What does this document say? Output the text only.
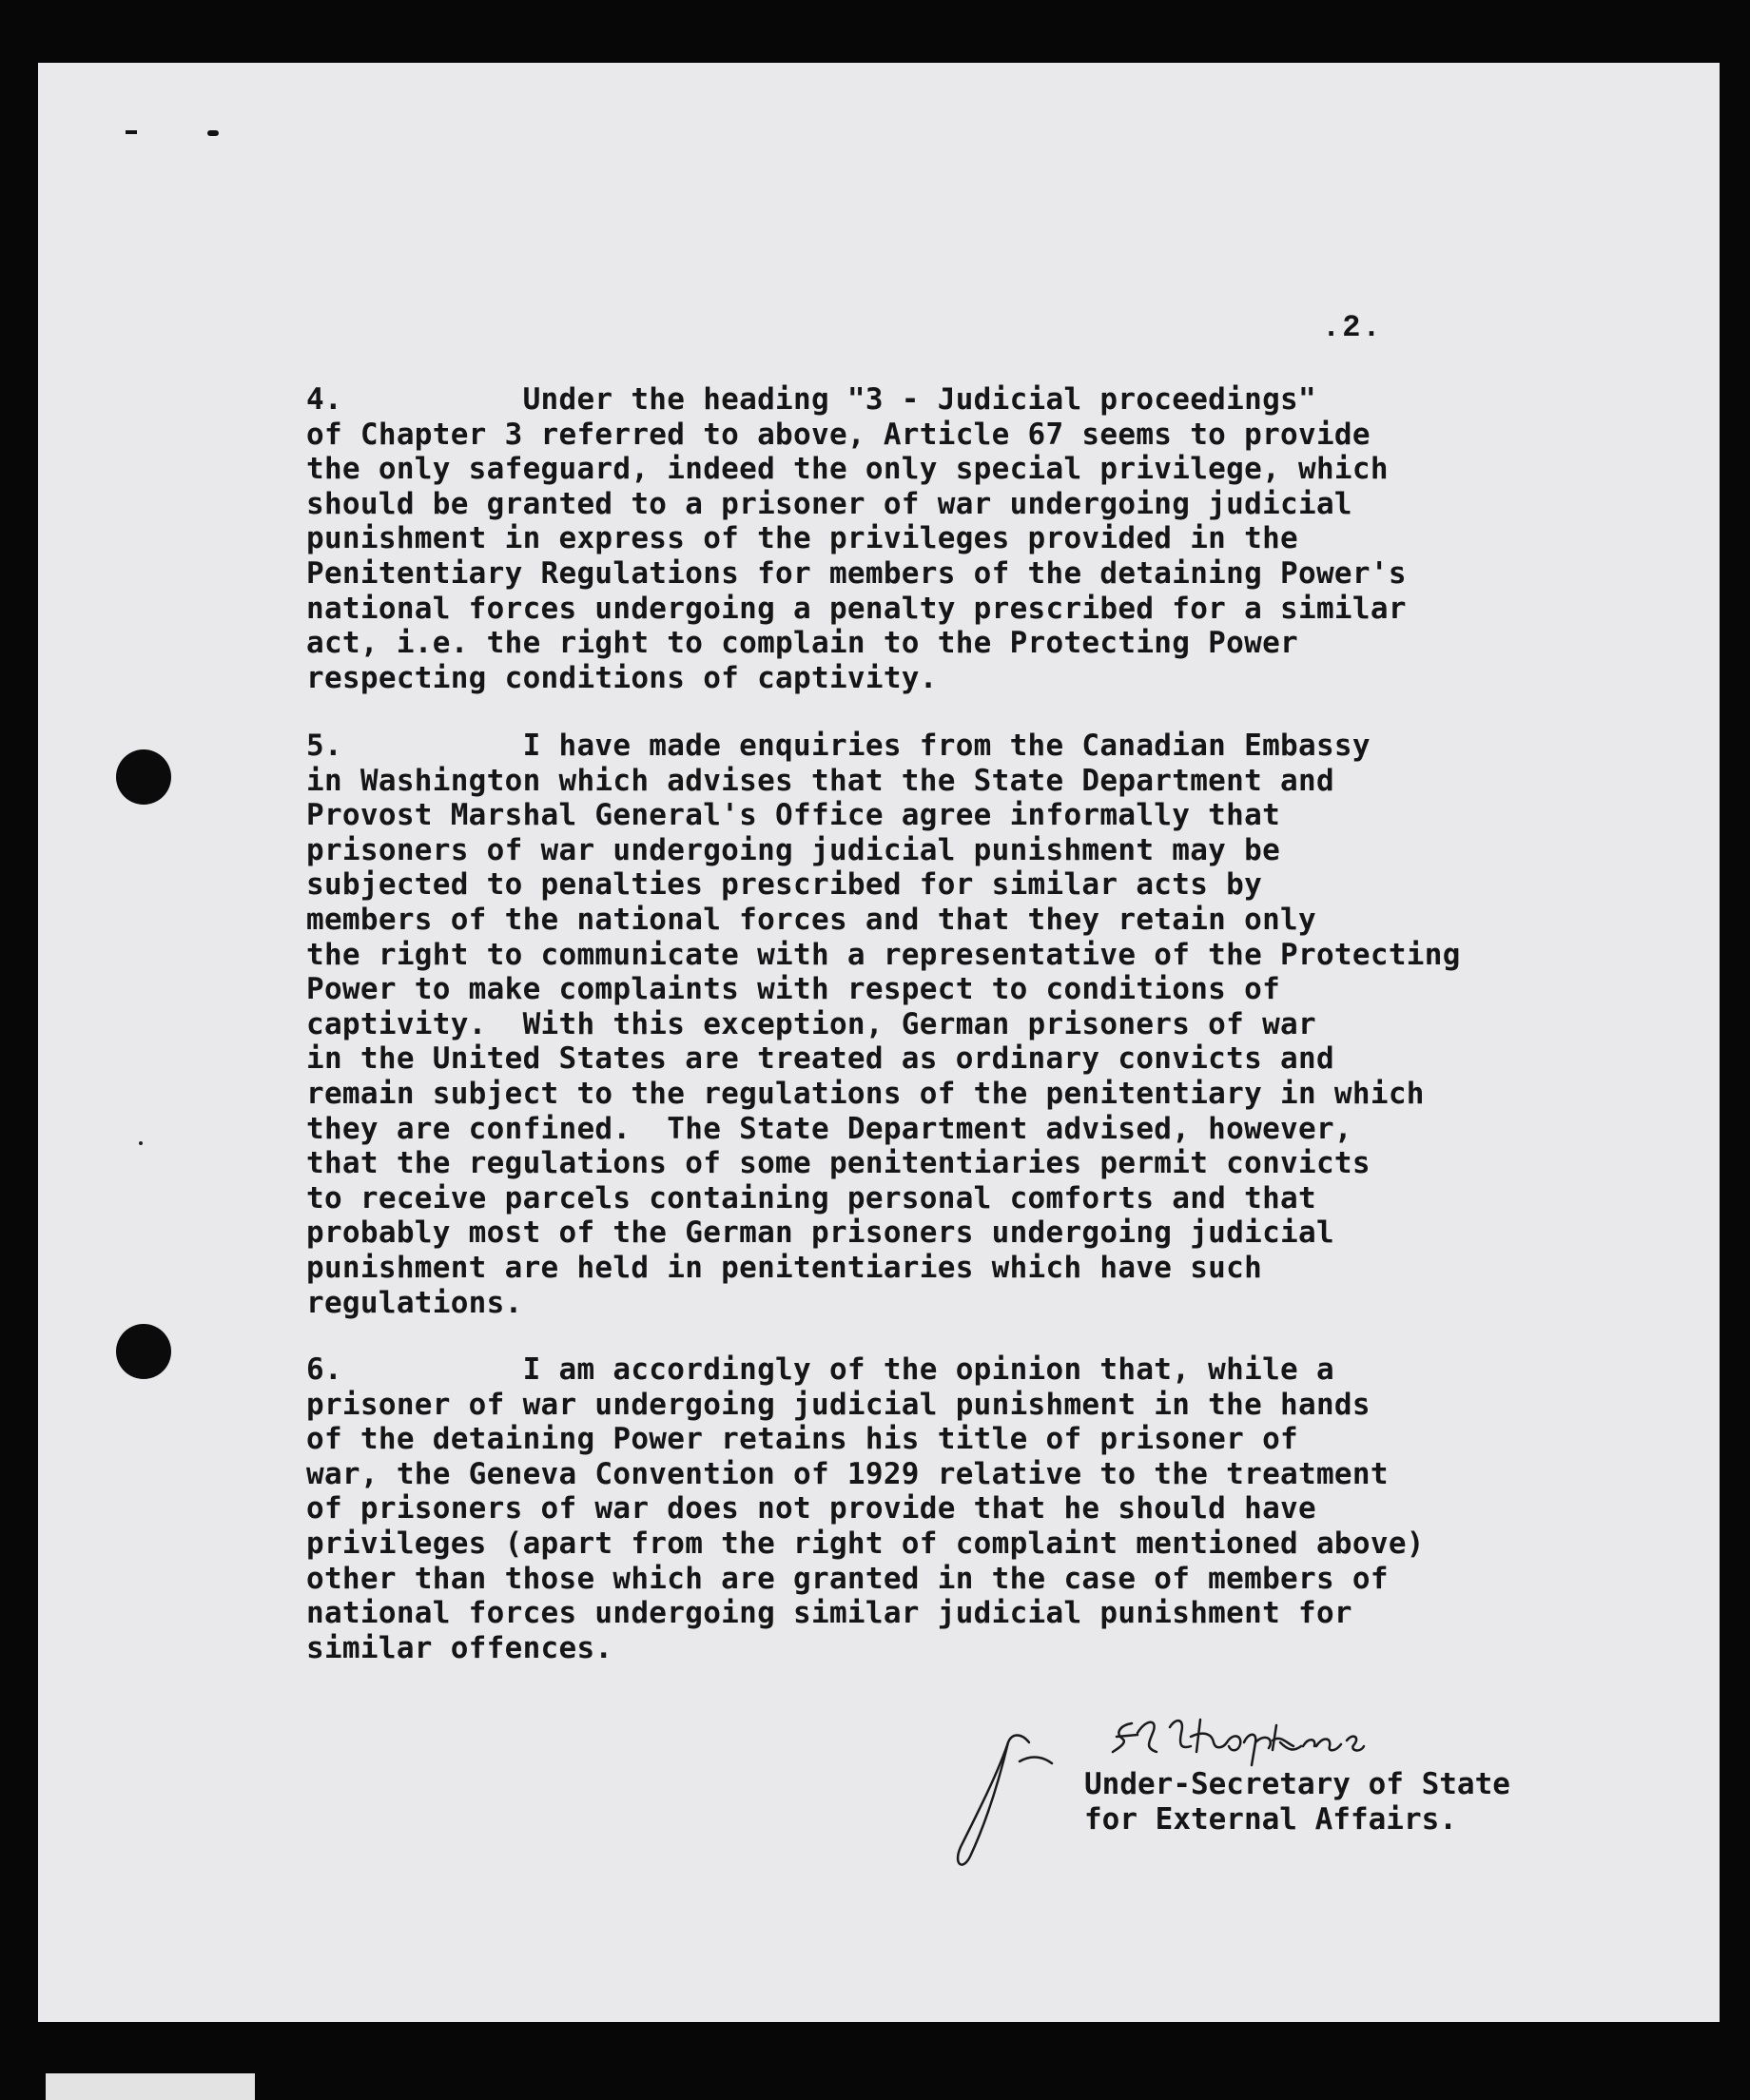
.2.
4.          Under the heading "3 - Judicial proceedings"
of Chapter 3 referred to above, Article 67 seems to provide
the only safeguard, indeed the only special privilege, which
should be granted to a prisoner of war undergoing judicial
punishment in express of the privileges provided in the
Penitentiary Regulations for members of the detaining Power's
national forces undergoing a penalty prescribed for a similar
act, i.e. the right to complain to the Protecting Power
respecting conditions of captivity.
5.          I have made enquiries from the Canadian Embassy
in Washington which advises that the State Department and
Provost Marshal General's Office agree informally that
prisoners of war undergoing judicial punishment may be
subjected to penalties prescribed for similar acts by
members of the national forces and that they retain only
the right to communicate with a representative of the Protecting
Power to make complaints with respect to conditions of
captivity.  With this exception, German prisoners of war
in the United States are treated as ordinary convicts and
remain subject to the regulations of the penitentiary in which
they are confined.  The State Department advised, however,
that the regulations of some penitentiaries permit convicts
to receive parcels containing personal comforts and that
probably most of the German prisoners undergoing judicial
punishment are held in penitentiaries which have such
regulations.
6.          I am accordingly of the opinion that, while a
prisoner of war undergoing judicial punishment in the hands
of the detaining Power retains his title of prisoner of
war, the Geneva Convention of 1929 relative to the treatment
of prisoners of war does not provide that he should have
privileges (apart from the right of complaint mentioned above)
other than those which are granted in the case of members of
national forces undergoing similar judicial punishment for
similar offences.
Under-Secretary of State
for External Affairs.
